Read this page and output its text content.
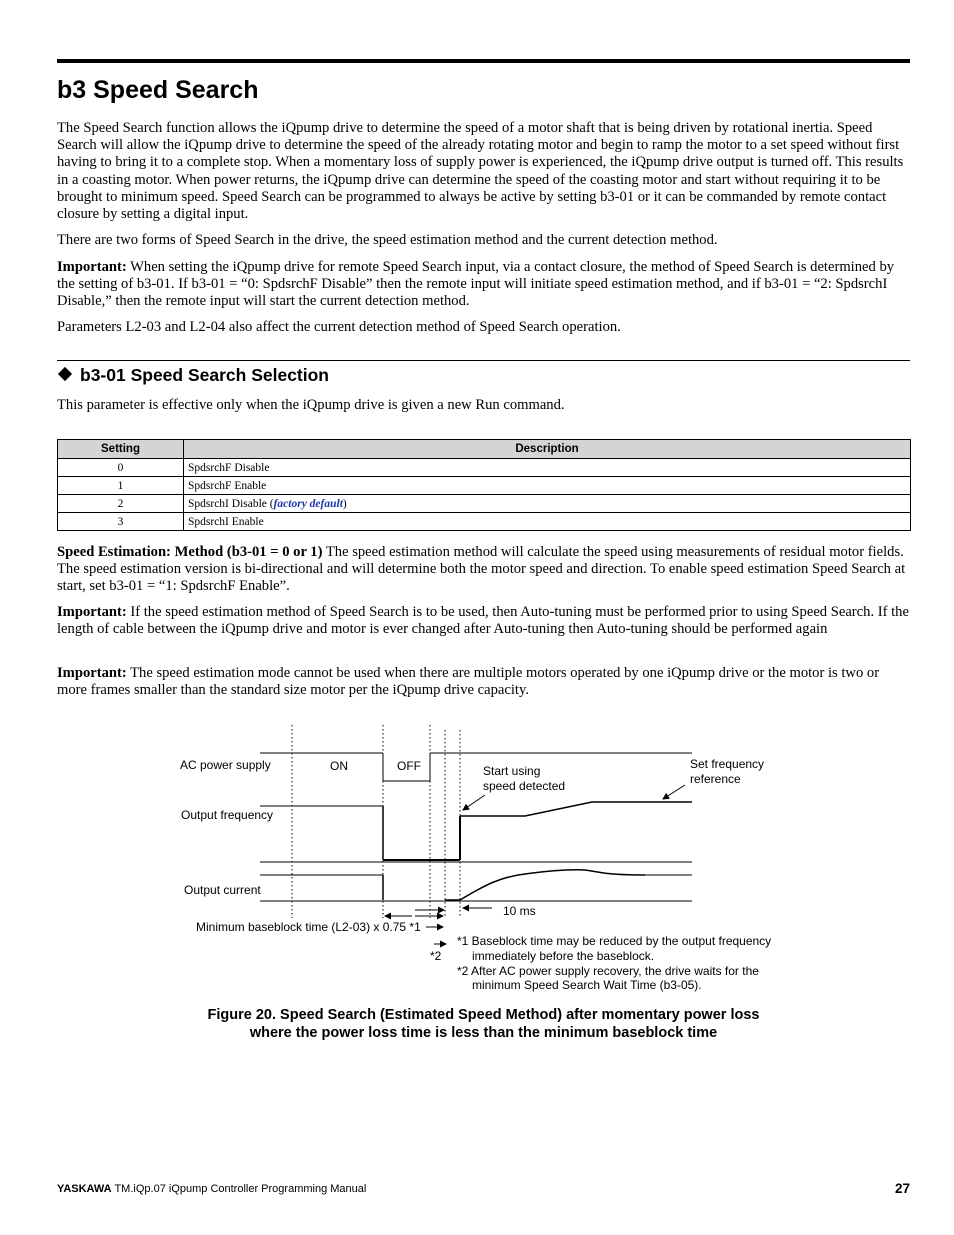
b3 Speed Search

The Speed Search function allows the iQpump drive to determine the speed of a motor shaft that is being driven by rotational inertia. Speed Search will allow the iQpump drive to determine the speed of the already rotating motor and begin to ramp the motor to a set speed without first having to bring it to a complete stop. When a momentary loss of supply power is experienced, the iQpump drive output is turned off. This results in a coasting motor. When power returns, the iQpump drive can determine the speed of the coasting motor and start without requiring it to be brought to minimum speed. Speed Search can be programmed to always be active by setting b3-01 or it can be commanded by remote contact closure by setting a digital input.

There are two forms of Speed Search in the drive, the speed estimation method and the current detection method.

Important: When setting the iQpump drive for remote Speed Search input, via a contact closure, the method of Speed Search is determined by the setting of b3-01. If b3-01 = “0: SpdsrchF Disable” then the remote input will initiate speed estimation method, and if b3-01 = “2: SpdsrchI Disable,” then the remote input will start the current detection method.

Parameters L2-03 and L2-04 also affect the current detection method of Speed Search operation.

b3-01 Speed Search Selection

This parameter is effective only when the iQpump drive is given a new Run command.

Setting	Description
0	SpdsrchF Disable
1	SpdsrchF Enable
2	SpdsrchI Disable (factory default)
3	SpdsrchI Enable

Speed Estimation: Method (b3-01 = 0 or 1) The speed estimation method will calculate the speed using measurements of residual motor fields. The speed estimation version is bi-directional and will determine both the motor speed and direction. To enable speed estimation Speed Search at start, set b3-01 = “1: SpdsrchF Enable”.

Important: If the speed estimation method of Speed Search is to be used, then Auto-tuning must be performed prior to using Speed Search. If the length of cable between the iQpump drive and motor is ever changed after Auto-tuning then Auto-tuning should be performed again

Important: The speed estimation mode cannot be used when there are multiple motors operated by one iQpump drive or the motor is two or more frames smaller than the standard size motor per the iQpump drive capacity.

AC power supply	ON	OFF
Output frequency
Output current
Start using
speed detected
Set frequency
reference
10 ms
Minimum baseblock time (L2-03) x 0.75 *1
*2
*1 Baseblock time may be reduced by the output frequency
immediately before the baseblock.
*2 After AC power supply recovery, the drive waits for the
minimum Speed Search Wait Time (b3-05).
Figure 20. Speed Search (Estimated Speed Method) after momentary power loss
where the power loss time is less than the minimum baseblock time
YASKAWA TM.iQp.07 iQpump Controller Programming Manual	27
